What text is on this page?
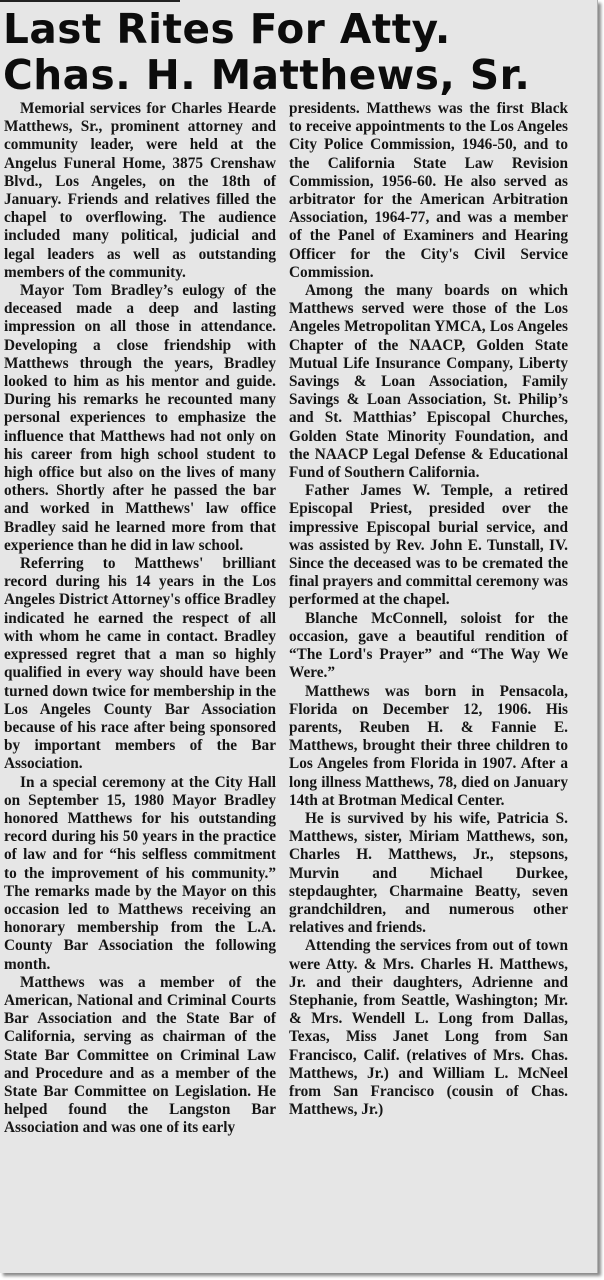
Last Rites For Atty.
Chas. H. Matthews, Sr.

Memorial services for Charles Hearde Matthews, Sr., prominent attorney and community leader, were held at the Angelus Funeral Home, 3875 Crenshaw Blvd., Los Angeles, on the 18th of January. Friends and relatives filled the chapel to overflowing. The audience included many political, judicial and legal leaders as well as outstanding members of the community.

Mayor Tom Bradley’s eulogy of the deceased made a deep and lasting impression on all those in attendance. Developing a close friendship with Matthews through the years, Bradley looked to him as his mentor and guide. During his remarks he recounted many personal experiences to emphasize the influence that Matthews had not only on his career from high school student to high office but also on the lives of many others. Shortly after he passed the bar and worked in Matthews' law office Bradley said he learned more from that experience than he did in law school.

Referring to Matthews' brilliant record during his 14 years in the Los Angeles District Attorney's office Bradley indicated he earned the respect of all with whom he came in contact. Bradley expressed regret that a man so highly qualified in every way should have been turned down twice for membership in the Los Angeles County Bar Association because of his race after being sponsored by important members of the Bar Association.

In a special ceremony at the City Hall on September 15, 1980 Mayor Bradley honored Matthews for his outstanding record during his 50 years in the practice of law and for “his selfless commitment to the improvement of his community.” The remarks made by the Mayor on this occasion led to Matthews receiving an honorary membership from the L.A. County Bar Association the following month.

Matthews was a member of the American, National and Criminal Courts Bar Association and the State Bar of California, serving as chairman of the State Bar Committee on Criminal Law and Procedure and as a member of the State Bar Committee on Legislation. He helped found the Langston Bar Association and was one of its early

presidents. Matthews was the first Black to receive appointments to the Los Angeles City Police Commission, 1946-50, and to the California State Law Revision Commission, 1956-60. He also served as arbitrator for the American Arbitration Association, 1964-77, and was a member of the Panel of Examiners and Hearing Officer for the City's Civil Service Commission.

Among the many boards on which Matthews served were those of the Los Angeles Metropolitan YMCA, Los Angeles Chapter of the NAACP, Golden State Mutual Life Insurance Company, Liberty Savings & Loan Association, Family Savings & Loan Association, St. Philip’s and St. Matthias’ Episcopal Churches, Golden State Minority Foundation, and the NAACP Legal Defense & Educational Fund of Southern California.

Father James W. Temple, a retired Episcopal Priest, presided over the impressive Episcopal burial service, and was assisted by Rev. John E. Tunstall, IV. Since the deceased was to be cremated the final prayers and committal ceremony was performed at the chapel.

Blanche McConnell, soloist for the occasion, gave a beautiful rendition of “The Lord's Prayer” and “The Way We Were.”

Matthews was born in Pensacola, Florida on December 12, 1906. His parents, Reuben H. & Fannie E. Matthews, brought their three children to Los Angeles from Florida in 1907. After a long illness Matthews, 78, died on January 14th at Brotman Medical Center.

He is survived by his wife, Patricia S. Matthews, sister, Miriam Matthews, son, Charles H. Matthews, Jr., stepsons, Murvin and Michael Durkee, stepdaughter, Charmaine Beatty, seven grandchildren, and numerous other relatives and friends.

Attending the services from out of town were Atty. & Mrs. Charles H. Matthews, Jr. and their daughters, Adrienne and Stephanie, from Seattle, Washington; Mr. & Mrs. Wendell L. Long from Dallas, Texas, Miss Janet Long from San Francisco, Calif. (relatives of Mrs. Chas. Matthews, Jr.) and William L. McNeel from San Francisco (cousin of Chas. Matthews, Jr.)
